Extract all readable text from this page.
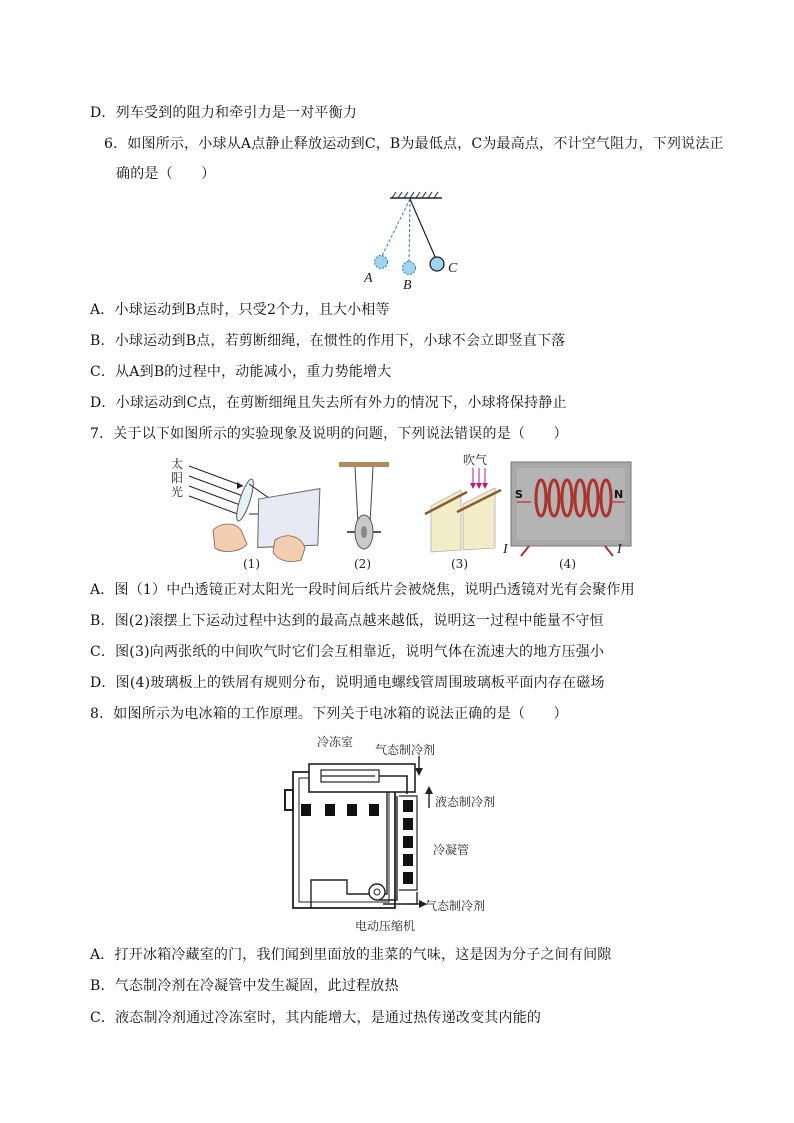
D．列车受到的阻力和牵引力是一对平衡力
6．如图所示，小球从A点静止释放运动到C，B为最低点，C为最高点，不计空气阻力，下列说法正
确的是（　　）
A B
C
A．小球运动到B点时，只受2个力，且大小相等
B．小球运动到B点，若剪断细绳，在惯性的作用下，小球不会立即竖直下落
C．从A到B的过程中，动能减小，重力势能增大
D．小球运动到C点，在剪断细绳且失去所有外力的情况下，小球将保持静止
7．关于以下如图所示的实验现象及说明的问题，下列说法错误的是（　　）
太
阳
光
(1)	(2)
吹气
(3)
S	N
I	I
(4)
A．图（1）中凸透镜正对太阳光一段时间后纸片会被烧焦，说明凸透镜对光有会聚作用
B．图(2)滚摆上下运动过程中达到的最高点越来越低，说明这一过程中能量不守恒
C．图(3)向两张纸的中间吹气时它们会互相靠近，说明气体在流速大的地方压强小
D．图(4)玻璃板上的铁屑有规则分布，说明通电螺线管周围玻璃板平面内存在磁场
8．如图所示为电冰箱的工作原理。下列关于电冰箱的说法正确的是（　　）
冷冻室
气态制冷剂
液态制冷剂
冷凝管
气态制冷剂
电动压缩机
A．打开冰箱冷藏室的门，我们闻到里面放的韭菜的气味，这是因为分子之间有间隙
B．气态制冷剂在冷凝管中发生凝固，此过程放热
C．液态制冷剂通过冷冻室时，其内能增大，是通过热传递改变其内能的
